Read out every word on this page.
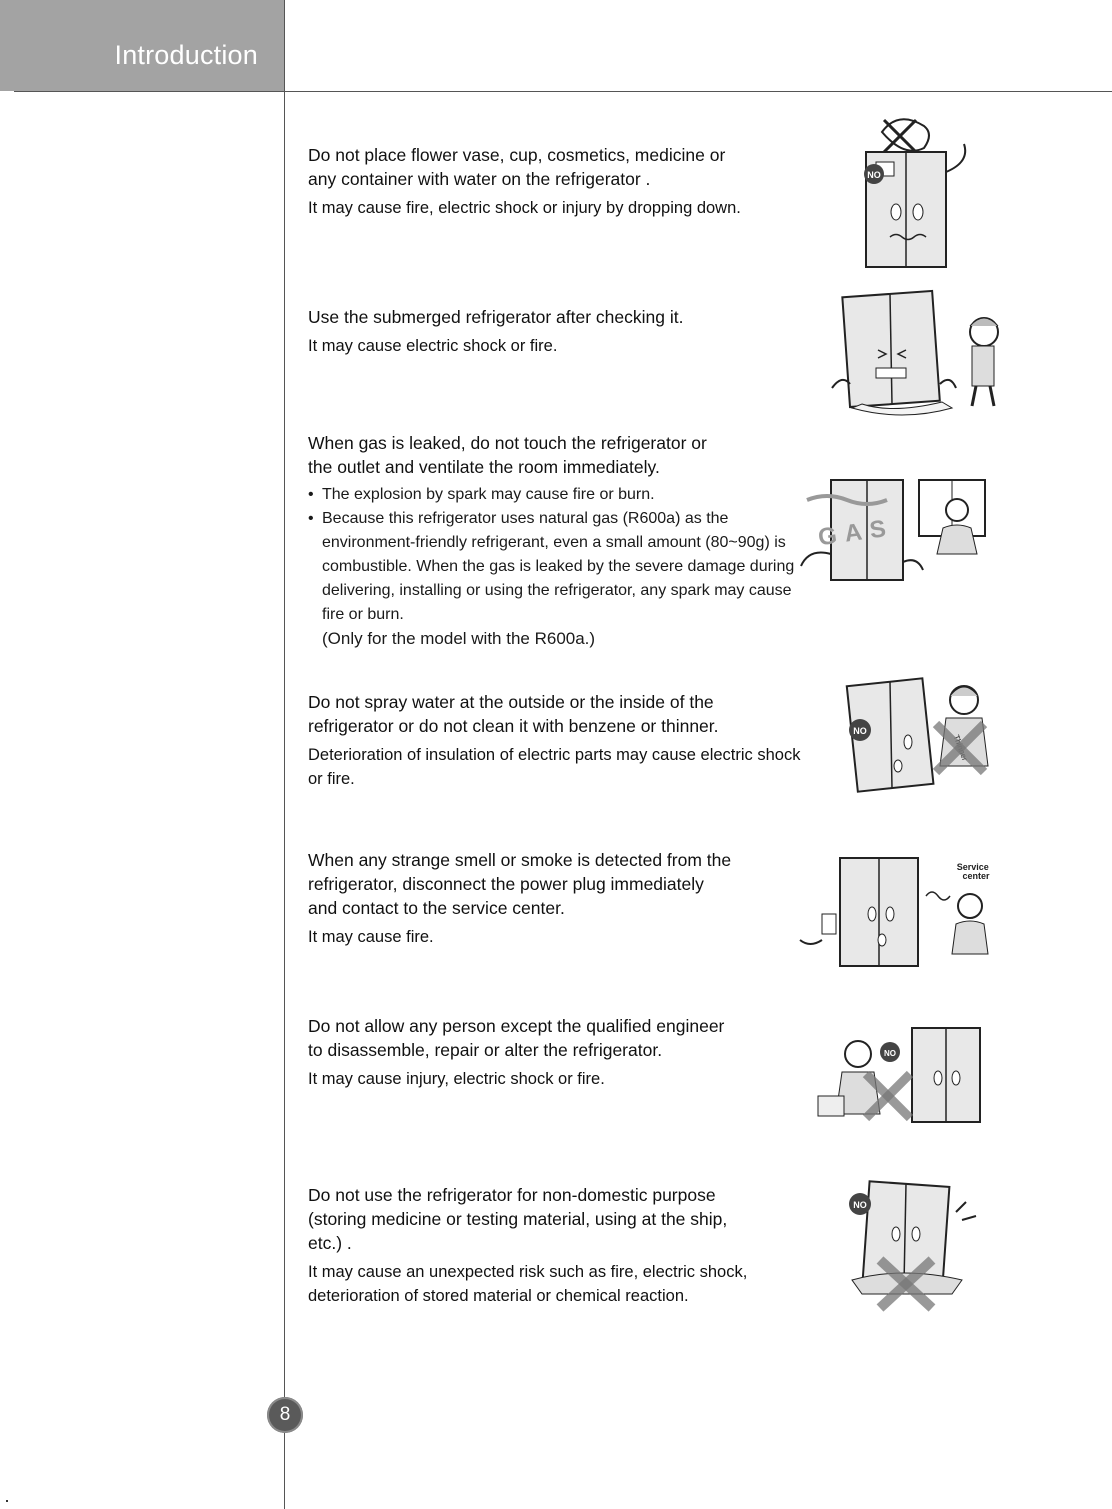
Introduction
Do not place flower vase, cup, cosmetics, medicine or
any container with water on the refrigerator .
It may cause fire, electric shock or injury by dropping down.
NO
Use the submerged refrigerator after checking it.
It may cause electric shock or fire.
When gas is leaked, do not touch the refrigerator or
the outlet and ventilate the room immediately.
• The explosion by spark may cause fire or burn.
• Because this refrigerator uses natural gas (R600a) as the environment-friendly refrigerant, even a small amount (80~90g) is combustible. When the gas is leaked by the severe damage during delivering, installing or using the refrigerator, any spark may cause fire or burn.
(Only for the model with the R600a.)
GAS
Do not spray water at the outside or the inside of the
refrigerator or do not clean it with benzene or thinner.
Deterioration of insulation of electric parts may cause electric shock or fire.
NO
When any strange smell or smoke is detected from the
refrigerator, disconnect the power plug immediately
and contact to the service center.
It may cause fire.
Service center
Do not allow any person except the qualified engineer
to disassemble, repair or alter the refrigerator.
It may cause injury, electric shock or fire.
NO
Do not use the refrigerator for non-domestic purpose
(storing medicine or testing material, using at the ship,
etc.) .
It may cause an unexpected risk such as fire, electric shock, deterioration of stored material or chemical reaction.
NO
8
